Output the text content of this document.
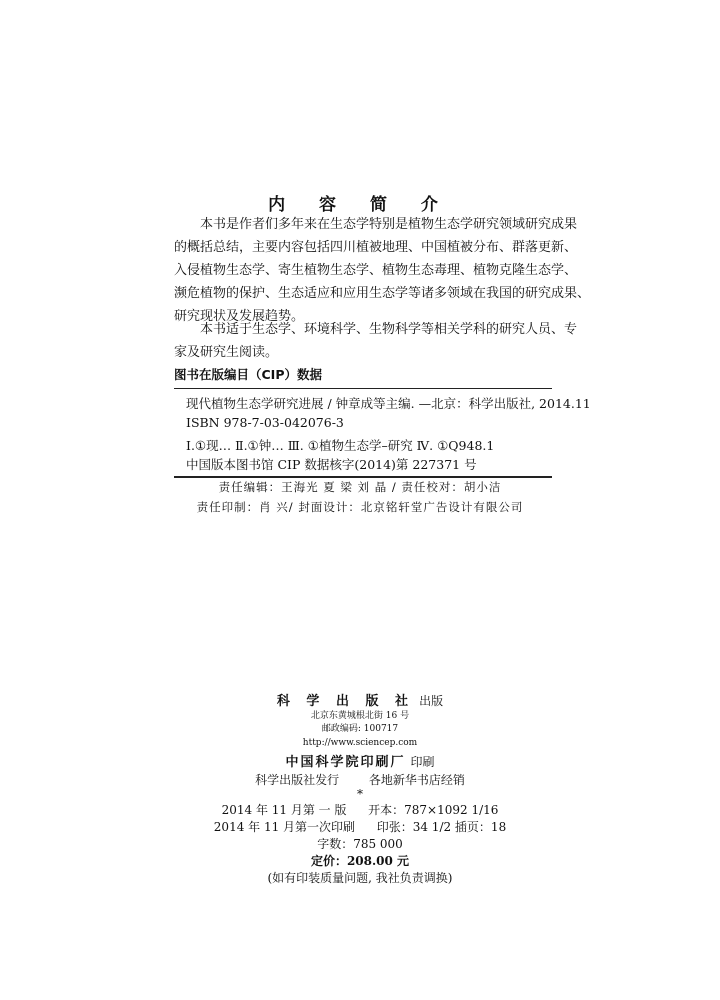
内 容 简 介
本书是作者们多年来在生态学特别是植物生态学研究领域研究成果
的概括总结，主要内容包括四川植被地理、中国植被分布、群落更新、
入侵植物生态学、寄生植物生态学、植物生态毒理、植物克隆生态学、
濒危植物的保护、生态适应和应用生态学等诸多领域在我国的研究成果、
研究现状及发展趋势。
本书适于生态学、环境科学、生物科学等相关学科的研究人员、专
家及研究生阅读。
图书在版编目（CIP）数据
现代植物生态学研究进展 / 钟章成等主编. —北京：科学出版社, 2014.11
ISBN 978-7-03-042076-3
Ⅰ.①现… Ⅱ.①钟… Ⅲ. ①植物生态学–研究 Ⅳ. ①Q948.1
中国版本图书馆 CIP 数据核字(2014)第 227371 号
责任编辑：王海光 夏 梁 刘 晶 / 责任校对：胡小洁
责任印制：肖 兴/ 封面设计：北京铭轩堂广告设计有限公司
科 学 出 版 社 出版
北京东黄城根北街 16 号
邮政编码: 100717
http://www.sciencep.com
中国科学院印刷厂 印刷
科学出版社发行 各地新华书店经销
*
2014 年 11 月第 一 版 开本：787×1092 1/16
2014 年 11 月第一次印刷 印张：34 1/2 插页：18
字数：785 000
定价：208.00 元
(如有印装质量问题, 我社负责调换)
